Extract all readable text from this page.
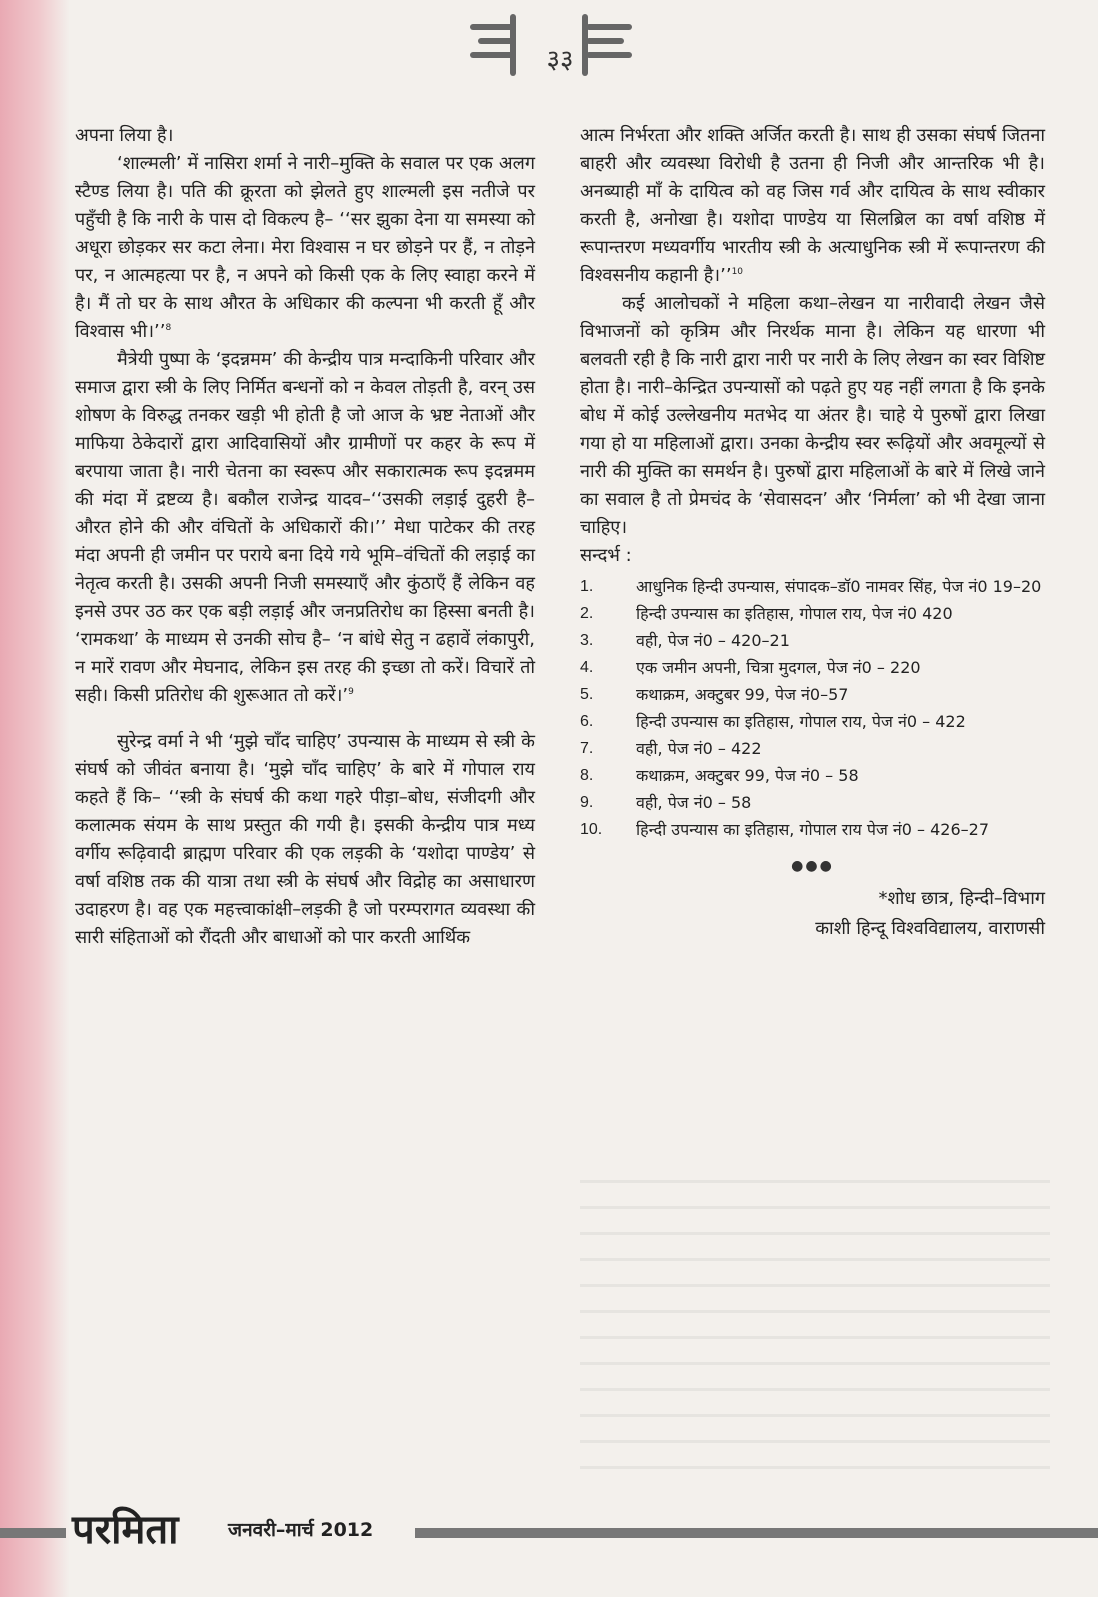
३३

अपना लिया है।

‘शाल्मली’ में नासिरा शर्मा ने नारी–मुक्ति के सवाल पर एक अलग स्टैण्ड लिया है। पति की क्रूरता को झेलते हुए शाल्मली इस नतीजे पर पहुँची है कि नारी के पास दो विकल्प है– ‘‘सर झुका देना या समस्या को अधूरा छोड़कर सर कटा लेना। मेरा विश्वास न घर छोड़ने पर हैं, न तोड़ने पर, न आत्महत्या पर है, न अपने को किसी एक के लिए स्वाहा करने में है। मैं तो घर के साथ औरत के अधिकार की कल्पना भी करती हूँ और विश्वास भी।’’$^8$

मैत्रेयी पुष्पा के ‘इदन्नमम’ की केन्द्रीय पात्र मन्दाकिनी परिवार और समाज द्वारा स्त्री के लिए निर्मित बन्धनों को न केवल तोड़ती है, वरन् उस शोषण के विरुद्ध तनकर खड़ी भी होती है जो आज के भ्रष्ट नेताओं और माफिया ठेकेदारों द्वारा आदिवासियों और ग्रामीणों पर कहर के रूप में बरपाया जाता है। नारी चेतना का स्वरूप और सकारात्मक रूप इदन्नमम की मंदा में द्रष्टव्य है। बकौल राजेन्द्र यादव–‘‘उसकी लड़ाई दुहरी है– औरत होने की और वंचितों के अधिकारों की।’’ मेधा पाटेकर की तरह मंदा अपनी ही जमीन पर पराये बना दिये गये भूमि–वंचितों की लड़ाई का नेतृत्व करती है। उसकी अपनी निजी समस्याएँ और कुंठाएँ हैं लेकिन वह इनसे उपर उठ कर एक बड़ी लड़ाई और जनप्रतिरोध का हिस्सा बनती है। ‘रामकथा’ के माध्यम से उनकी सोच है– ‘न बांधे सेतु न ढहावें लंकापुरी, न मारें रावण और मेघनाद, लेकिन इस तरह की इच्छा तो करें। विचारें तो सही। किसी प्रतिरोध की शुरूआत तो करें।’$^9$

सुरेन्द्र वर्मा ने भी ‘मुझे चाँद चाहिए’ उपन्यास के माध्यम से स्त्री के संघर्ष को जीवंत बनाया है। ‘मुझे चाँद चाहिए’ के बारे में गोपाल राय कहते हैं कि– ‘‘स्त्री के संघर्ष की कथा गहरे पीड़ा–बोध, संजीदगी और कलात्मक संयम के साथ प्रस्तुत की गयी है। इसकी केन्द्रीय पात्र मध्य वर्गीय रूढ़िवादी ब्राह्मण परिवार की एक लड़की के ‘यशोदा पाण्डेय’ से वर्षा वशिष्ठ तक की यात्रा तथा स्त्री के संघर्ष और विद्रोह का असाधारण उदाहरण है। वह एक महत्त्वाकांक्षी–लड़की है जो परम्परागत व्यवस्था की सारी संहिताओं को रौंदती और बाधाओं को पार करती आर्थिक

आत्म निर्भरता और शक्ति अर्जित करती है। साथ ही उसका संघर्ष जितना बाहरी और व्यवस्था विरोधी है उतना ही निजी और आन्तरिक भी है। अनब्याही माँ के दायित्व को वह जिस गर्व और दायित्व के साथ स्वीकार करती है, अनोखा है। यशोदा पाण्डेय या सिलब्रिल का वर्षा वशिष्ठ में रूपान्तरण मध्यवर्गीय भारतीय स्त्री के अत्याधुनिक स्त्री में रूपान्तरण की विश्वसनीय कहानी है।’’$^{10}$

कई आलोचकों ने महिला कथा–लेखन या नारीवादी लेखन जैसे विभाजनों को कृत्रिम और निरर्थक माना है। लेकिन यह धारणा भी बलवती रही है कि नारी द्वारा नारी पर नारी के लिए लेखन का स्वर विशिष्ट होता है। नारी–केन्द्रित उपन्यासों को पढ़ते हुए यह नहीं लगता है कि इनके बोध में कोई उल्लेखनीय मतभेद या अंतर है। चाहे ये पुरुषों द्वारा लिखा गया हो या महिलाओं द्वारा। उनका केन्द्रीय स्वर रूढ़ियों और अवमूल्यों से नारी की मुक्ति का समर्थन है। पुरुषों द्वारा महिलाओं के बारे में लिखे जाने का सवाल है तो प्रेमचंद के ‘सेवासदन’ और ‘निर्मला’ को भी देखा जाना चाहिए।

सन्दर्भ :

1.	आधुनिक हिन्दी उपन्यास, संपादक–डॉ0 नामवर सिंह, पेज नं0 19–20
2.	हिन्दी उपन्यास का इतिहास, गोपाल राय, पेज नं0 420
3.	वही, पेज नं0 – 420–21
4.	एक जमीन अपनी, चित्रा मुदगल, पेज नं0 – 220
5.	कथाक्रम, अक्टुबर 99, पेज नं0–57
6.	हिन्दी उपन्यास का इतिहास, गोपाल राय, पेज नं0 – 422
7.	वही, पेज नं0 – 422
8.	कथाक्रम, अक्टुबर 99, पेज नं0 – 58
9.	वही, पेज नं0 – 58
10.	हिन्दी उपन्यास का इतिहास, गोपाल राय पेज नं0 – 426–27
●●●
*शोध छात्र, हिन्दी–विभाग
काशी हिन्दू विश्वविद्यालय, वाराणसी
परमिता	जनवरी–मार्च 2012
